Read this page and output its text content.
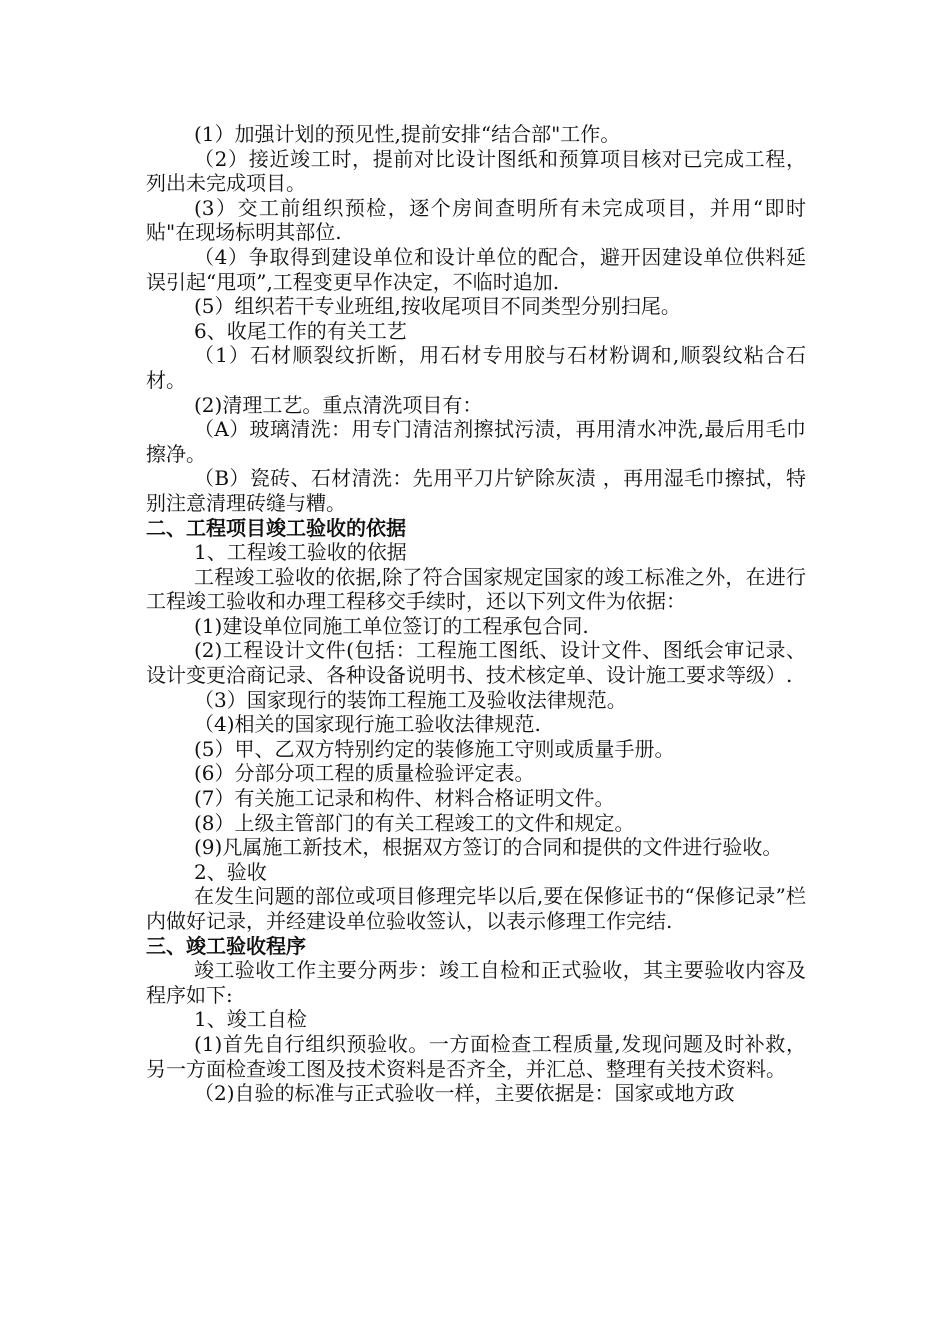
(1）加强计划的预见性,提前安排“结合部"工作。

（2）接近竣工时，提前对比设计图纸和预算项目核对已完成工程，列出未完成项目。

(3）交工前组织预检，逐个房间查明所有未完成项目，并用“即时贴"在现场标明其部位.

（4）争取得到建设单位和设计单位的配合，避开因建设单位供料延误引起“甩项”,工程变更早作决定，不临时追加.

(5）组织若干专业班组,按收尾项目不同类型分别扫尾。

6、收尾工作的有关工艺

（1）石材顺裂纹折断，用石材专用胶与石材粉调和,顺裂纹粘合石材。

(2)清理工艺。重点清洗项目有：

（A）玻璃清洗：用专门清洁剂擦拭污渍，再用清水冲洗,最后用毛巾擦净。

（B）瓷砖、石材清洗：先用平刀片铲除灰渍 ，再用湿毛巾擦拭，特别注意清理砖缝与糟。

二、工程项目竣工验收的依据

1、工程竣工验收的依据

工程竣工验收的依据,除了符合国家规定国家的竣工标准之外，在进行工程竣工验收和办理工程移交手续时，还以下列文件为依据：

(1)建设单位同施工单位签订的工程承包合同.

(2)工程设计文件(包括：工程施工图纸、设计文件、图纸会审记录、设计变更洽商记录、各种设备说明书、技术核定单、设计施工要求等级）.

（3）国家现行的装饰工程施工及验收法律规范。

（4)相关的国家现行施工验收法律规范.

(5）甲、乙双方特别约定的装修施工守则或质量手册。

(6）分部分项工程的质量检验评定表。

(7）有关施工记录和构件、材料合格证明文件。

(8）上级主管部门的有关工程竣工的文件和规定。

(9)凡属施工新技术，根据双方签订的合同和提供的文件进行验收。

2、验收

在发生问题的部位或项目修理完毕以后,要在保修证书的“保修记录”栏内做好记录，并经建设单位验收签认，以表示修理工作完结.

三、竣工验收程序

竣工验收工作主要分两步：竣工自检和正式验收，其主要验收内容及程序如下:

1、竣工自检

(1)首先自行组织预验收。一方面检查工程质量,发现问题及时补救，另一方面检查竣工图及技术资料是否齐全，并汇总、整理有关技术资料。

（2)自验的标准与正式验收一样，主要依据是：国家或地方政
